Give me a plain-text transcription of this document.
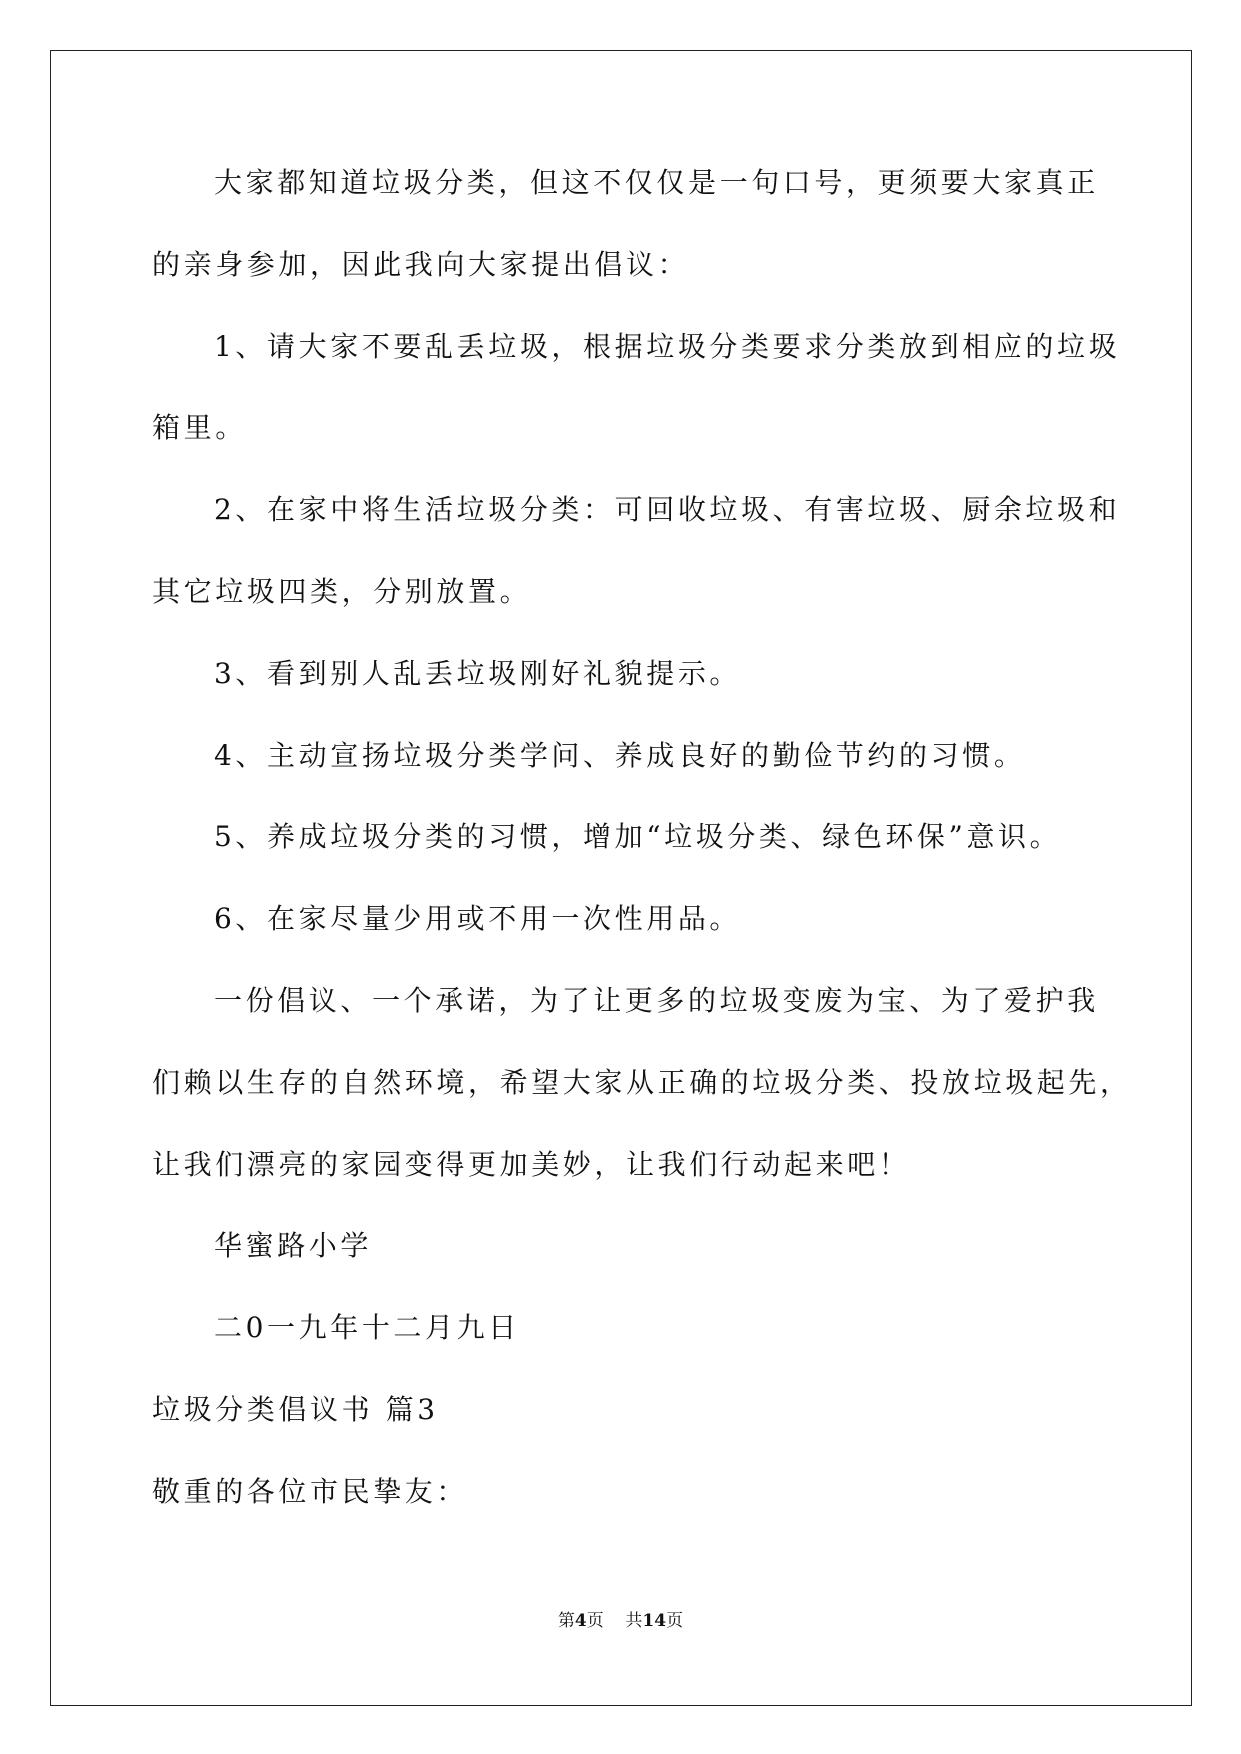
大家都知道垃圾分类，但这不仅仅是一句口号，更须要大家真正
的亲身参加，因此我向大家提出倡议：
1、请大家不要乱丢垃圾，根据垃圾分类要求分类放到相应的垃圾
箱里。
2、在家中将生活垃圾分类：可回收垃圾、有害垃圾、厨余垃圾和
其它垃圾四类，分别放置。
3、看到别人乱丢垃圾刚好礼貌提示。
4、主动宣扬垃圾分类学问、养成良好的勤俭节约的习惯。
5、养成垃圾分类的习惯，增加“垃圾分类、绿色环保”意识。
6、在家尽量少用或不用一次性用品。
一份倡议、一个承诺，为了让更多的垃圾变废为宝、为了爱护我
们赖以生存的自然环境，希望大家从正确的垃圾分类、投放垃圾起先，
让我们漂亮的家园变得更加美妙，让我们行动起来吧！
华蜜路小学
二0一九年十二月九日
垃圾分类倡议书 篇3
敬重的各位市民挚友：
第4页 共14页
